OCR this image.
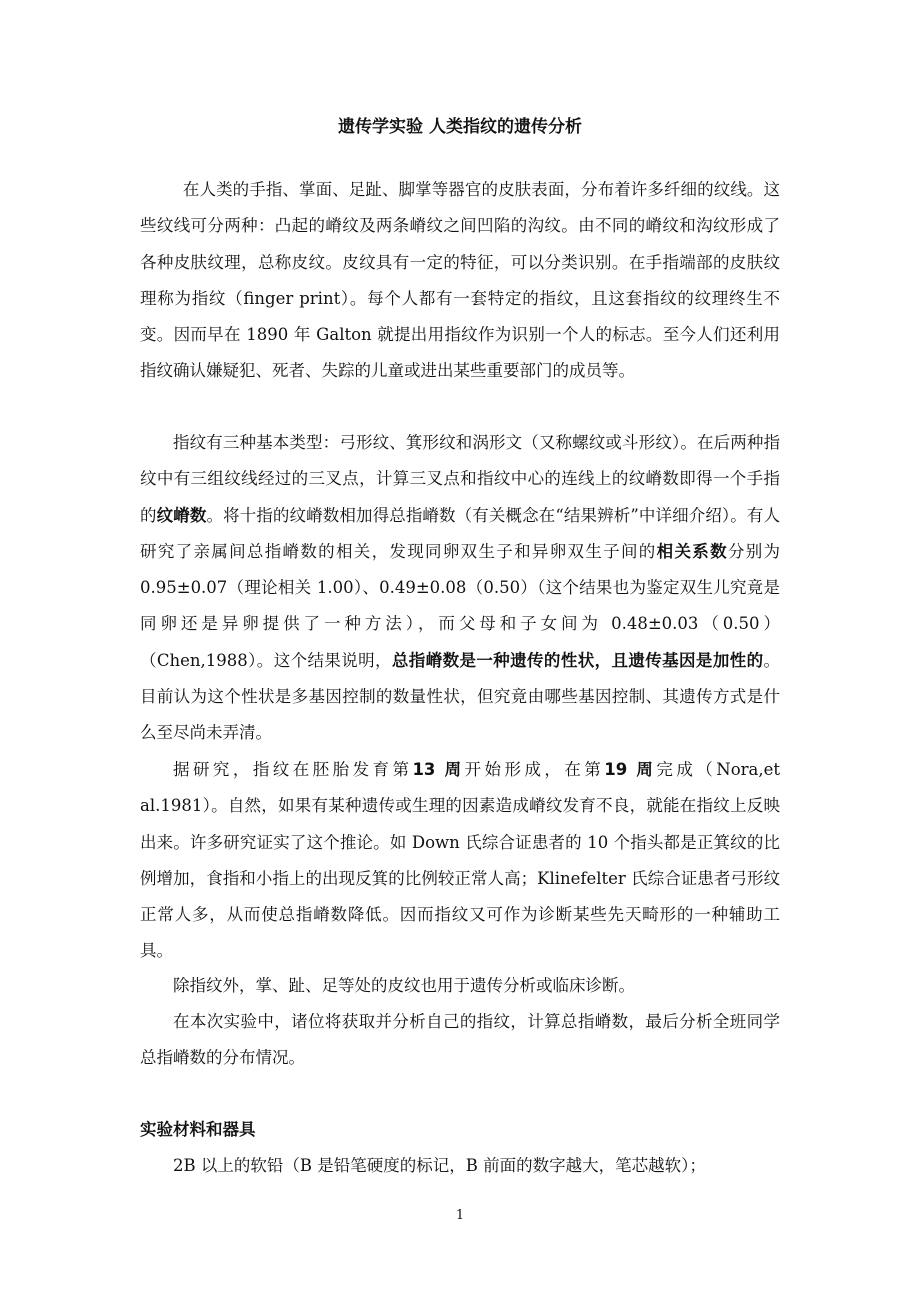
遗传学实验 人类指纹的遗传分析

在人类的手指、掌面、足趾、脚掌等器官的皮肤表面，分布着许多纤细的纹线。这些纹线可分两种：凸起的嵴纹及两条嵴纹之间凹陷的沟纹。由不同的嵴纹和沟纹形成了各种皮肤纹理，总称皮纹。皮纹具有一定的特征，可以分类识别。在手指端部的皮肤纹理称为指纹（finger print）。每个人都有一套特定的指纹，且这套指纹的纹理终生不变。因而早在 1890 年 Galton 就提出用指纹作为识别一个人的标志。至今人们还利用指纹确认嫌疑犯、死者、失踪的儿童或进出某些重要部门的成员等。

指纹有三种基本类型：弓形纹、箕形纹和涡形文（又称螺纹或斗形纹）。在后两种指纹中有三组纹线经过的三叉点，计算三叉点和指纹中心的连线上的纹嵴数即得一个手指的纹嵴数。将十指的纹嵴数相加得总指嵴数（有关概念在“结果辨析”中详细介绍）。有人研究了亲属间总指嵴数的相关，发现同卵双生子和异卵双生子间的相关系数分别为 0.95±0.07（理论相关 1.00）、0.49±0.08（0.50）（这个结果也为鉴定双生儿究竟是同卵还是异卵提供了一种方法），而父母和子女间为 0.48±0.03（0.50）（Chen,1988）。这个结果说明，总指嵴数是一种遗传的性状，且遗传基因是加性的。目前认为这个性状是多基因控制的数量性状，但究竟由哪些基因控制、其遗传方式是什么至尽尚未弄清。

据研究，指纹在胚胎发育第13 周开始形成，在第19 周完成（Nora,et al.1981）。自然，如果有某种遗传或生理的因素造成嵴纹发育不良，就能在指纹上反映出来。许多研究证实了这个推论。如 Down 氏综合证患者的 10 个指头都是正箕纹的比例增加，食指和小指上的出现反箕的比例较正常人高；Klinefelter 氏综合证患者弓形纹正常人多，从而使总指嵴数降低。因而指纹又可作为诊断某些先天畸形的一种辅助工具。

除指纹外，掌、趾、足等处的皮纹也用于遗传分析或临床诊断。

在本次实验中，诸位将获取并分析自己的指纹，计算总指嵴数，最后分析全班同学总指嵴数的分布情况。

实验材料和器具

2B 以上的软铅（B 是铅笔硬度的标记，B 前面的数字越大，笔芯越软）；

1
